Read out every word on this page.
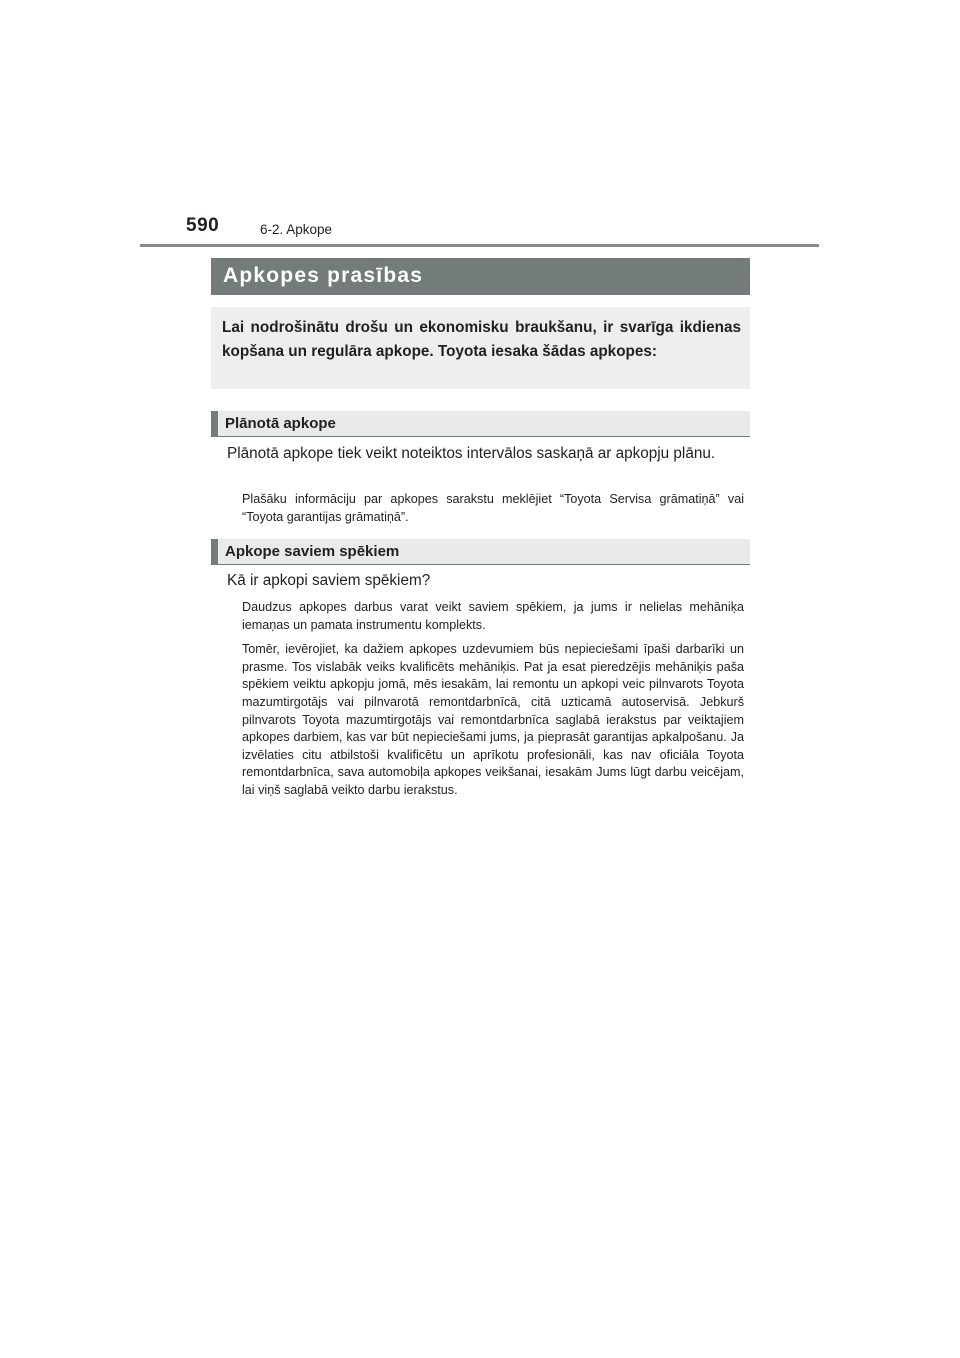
590	6-2. Apkope
Apkopes prasības
Lai nodrošinātu drošu un ekonomisku braukšanu, ir svarīga ikdienas kopšana un regulāra apkope. Toyota iesaka šādas apkopes:
Plānotā apkope
Plānotā apkope tiek veikt noteiktos intervālos saskaņā ar apkopju plānu.

Plašāku informāciju par apkopes sarakstu meklējiet “Toyota Servisa grāmatiņā” vai “Toyota garantijas grāmatiņā”.

Apkope saviem spēkiem
Kā ir apkopi saviem spēkiem?

Daudzus apkopes darbus varat veikt saviem spēkiem, ja jums ir nelielas mehāniķa iemaņas un pamata instrumentu komplekts.

Tomēr, ievērojiet, ka dažiem apkopes uzdevumiem būs nepieciešami īpaši darbarīki un prasme. Tos vislabāk veiks kvalificēts mehāniķis. Pat ja esat pieredzējis mehāniķis paša spēkiem veiktu apkopju jomā, mēs iesakām, lai remontu un apkopi veic pilnvarots Toyota mazumtirgotājs vai pilnvarotā remontdarbnīcā, citā uzticamā autoservisā. Jebkurš pilnvarots Toyota mazumtirgotājs vai remontdarbnīca saglabā ierakstus par veiktajiem apkopes darbiem, kas var būt nepieciešami jums, ja pieprasāt garantijas apkalpošanu. Ja izvēlaties citu atbilstoši kvalificētu un aprīkotu profesionāli, kas nav oficiāla Toyota remontdarbnīca, sava automobiļa apkopes veikšanai, iesakām Jums lūgt darbu veicējam, lai viņš saglabā veikto darbu ierakstus.
